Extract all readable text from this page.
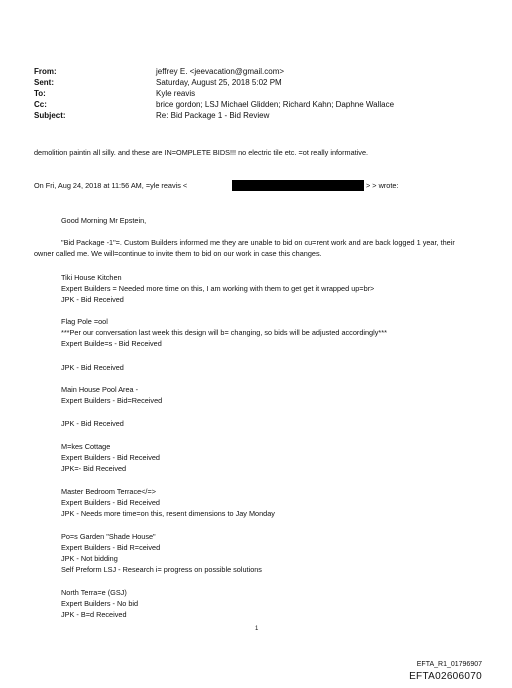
From:	jeffrey E. <jeevacation@gmail.com>
Sent:	Saturday, August 25, 2018 5:02 PM
To:	Kyle reavis
Cc:	brice gordon; LSJ Michael Glidden; Richard Kahn; Daphne Wallace
Subject:	Re: Bid Package 1 - Bid Review
demolition paintin all silly. and these are IN=OMPLETE BIDS!!! no electric tile etc. =ot really informative.
On Fri, Aug 24, 2018 at 11:56 AM, =yle reavis <	> > wrote:
Good Morning Mr Epstein,
"Bid Package -1"=. Custom Builders informed me they are unable to bid on cu=rent work and are back logged 1 year, their owner called me. We will=continue to invite them to bid on our work in case this changes.
Tiki House Kitchen
Expert Builders = Needed more time on this, I am working with them to get get it wrapped up=br>
JPK - Bid Received
Flag Pole =ool
***Per our conversation last week this design will b= changing, so bids will be adjusted accordingly***
Expert Builde=s - Bid Received
JPK - Bid Received
Main House Pool Area -
Expert Builders - Bid=Received
JPK - Bid Received
M=kes Cottage
Expert Builders - Bid Received
JPK=- Bid Received
Master Bedroom Terrace</=>
Expert Builders - Bid Received
JPK - Needs more time=on this, resent dimensions to Jay Monday
Po=s Garden "Shade House"
Expert Builders - Bid R=ceived
JPK - Not bidding
Self Preform LSJ - Research i= progress on possible solutions
North Terra=e (GSJ)
Expert Builders - No bid
JPK - B=d Received
1
EFTA_R1_01796907
EFTA02606070
